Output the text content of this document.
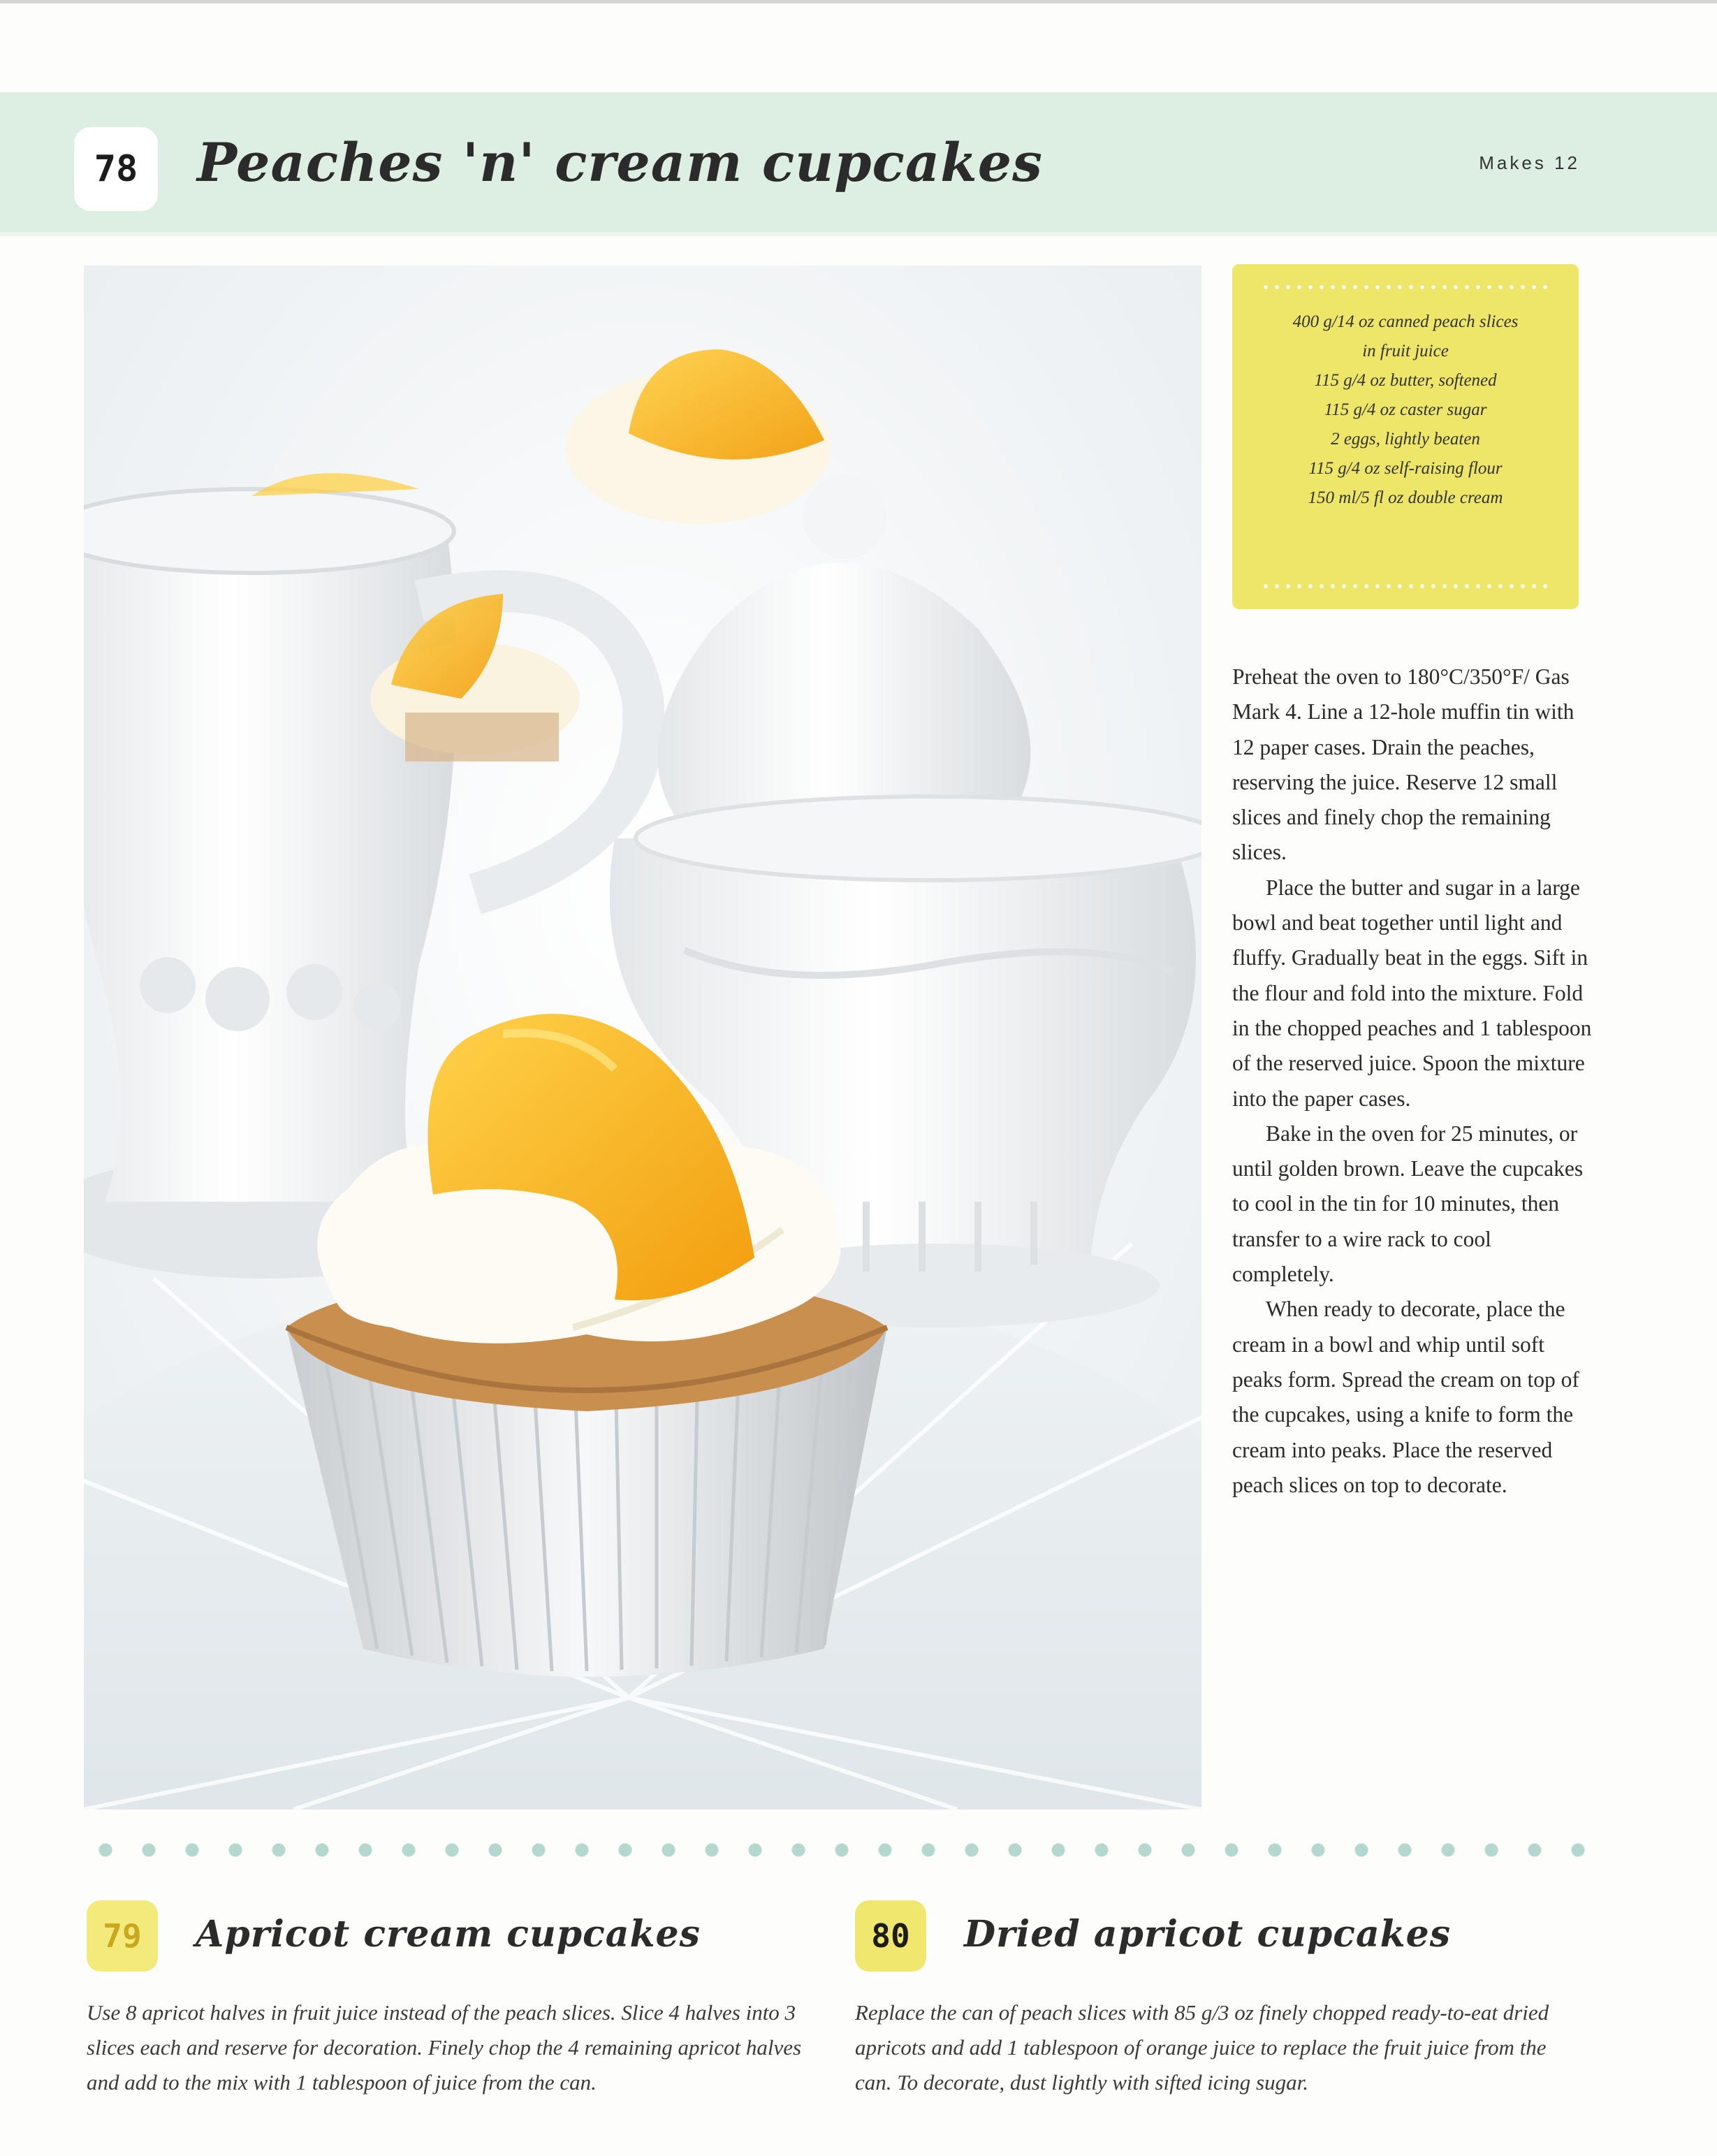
78	Peaches 'n' cream cupcakes	Makes 12
400 g/14 oz canned peach slices
in fruit juice
115 g/4 oz butter, softened
115 g/4 oz caster sugar
2 eggs, lightly beaten
115 g/4 oz self-raising flour
150 ml/5 fl oz double cream

Preheat the oven to 180°C/350°F/ Gas Mark 4. Line a 12-hole muffin tin with 12 paper cases. Drain the peaches, reserving the juice. Reserve 12 small slices and finely chop the remaining slices.

Place the butter and sugar in a large bowl and beat together until light and fluffy. Gradually beat in the eggs. Sift in the flour and fold into the mixture. Fold in the chopped peaches and 1 tablespoon of the reserved juice. Spoon the mixture into the paper cases.

Bake in the oven for 25 minutes, or until golden brown. Leave the cupcakes to cool in the tin for 10 minutes, then transfer to a wire rack to cool completely.

When ready to decorate, place the cream in a bowl and whip until soft peaks form. Spread the cream on top of the cupcakes, using a knife to form the cream into peaks. Place the reserved peach slices on top to decorate.

79	Apricot cream cupcakes

Use 8 apricot halves in fruit juice instead of the peach slices. Slice 4 halves into 3 slices each and reserve for decoration. Finely chop the 4 remaining apricot halves and add to the mix with 1 tablespoon of juice from the can.

80	Dried apricot cupcakes

Replace the can of peach slices with 85 g/3 oz finely chopped ready-to-eat dried apricots and add 1 tablespoon of orange juice to replace the fruit juice from the can. To decorate, dust lightly with sifted icing sugar.
